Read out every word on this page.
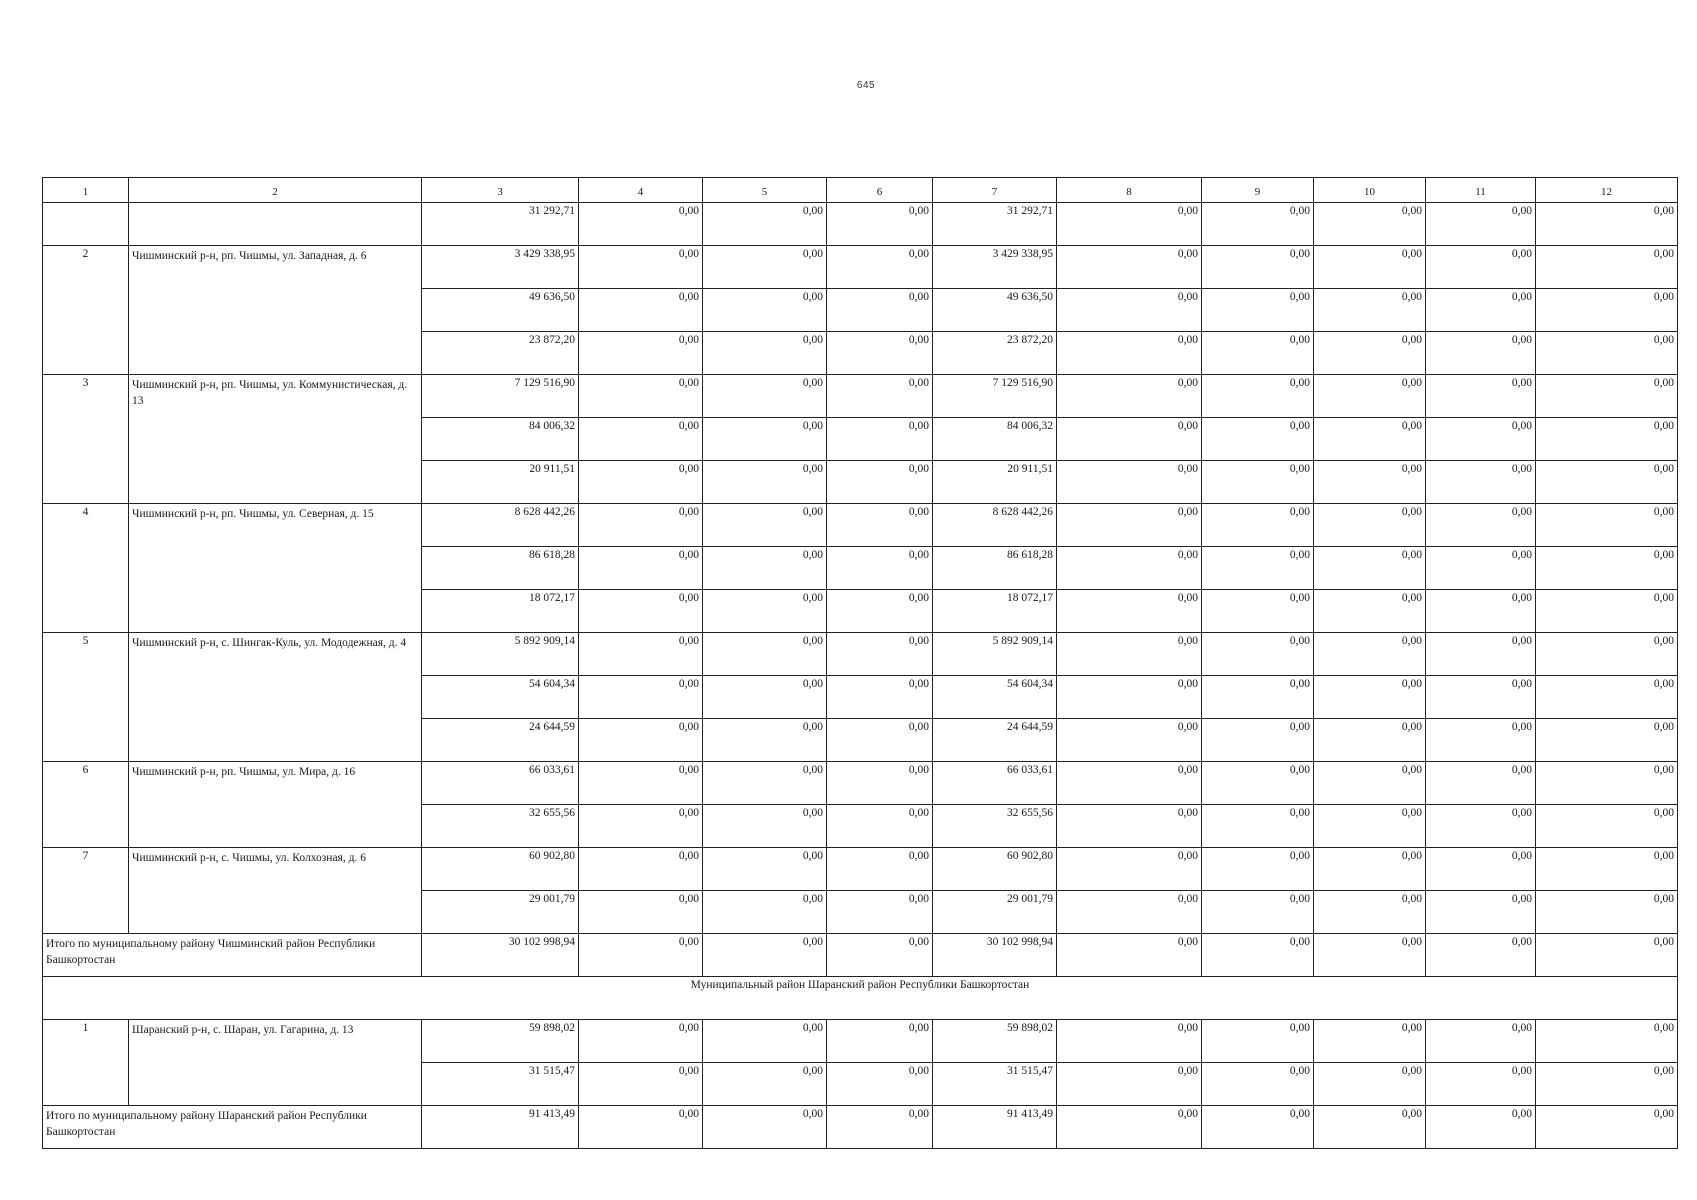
645
1	2	3	4	5	6	7	8	9	10	11	12
		31 292,71	0,00	0,00	0,00	31 292,71	0,00	0,00	0,00	0,00	0,00
2	Чишминский р-н, рп. Чишмы, ул. Западная, д. 6	3 429 338,95	0,00	0,00	0,00	3 429 338,95	0,00	0,00	0,00	0,00	0,00
		49 636,50	0,00	0,00	0,00	49 636,50	0,00	0,00	0,00	0,00	0,00
		23 872,20	0,00	0,00	0,00	23 872,20	0,00	0,00	0,00	0,00	0,00
3	Чишминский р-н, рп. Чишмы, ул. Коммунистическая, д. 13	7 129 516,90	0,00	0,00	0,00	7 129 516,90	0,00	0,00	0,00	0,00	0,00
		84 006,32	0,00	0,00	0,00	84 006,32	0,00	0,00	0,00	0,00	0,00
		20 911,51	0,00	0,00	0,00	20 911,51	0,00	0,00	0,00	0,00	0,00
4	Чишминский р-н, рп. Чишмы, ул. Северная, д. 15	8 628 442,26	0,00	0,00	0,00	8 628 442,26	0,00	0,00	0,00	0,00	0,00
		86 618,28	0,00	0,00	0,00	86 618,28	0,00	0,00	0,00	0,00	0,00
		18 072,17	0,00	0,00	0,00	18 072,17	0,00	0,00	0,00	0,00	0,00
5	Чишминский р-н, с. Шингак-Куль, ул. Мододежная, д. 4	5 892 909,14	0,00	0,00	0,00	5 892 909,14	0,00	0,00	0,00	0,00	0,00
		54 604,34	0,00	0,00	0,00	54 604,34	0,00	0,00	0,00	0,00	0,00
		24 644,59	0,00	0,00	0,00	24 644,59	0,00	0,00	0,00	0,00	0,00
6	Чишминский р-н, рп. Чишмы, ул. Мира, д. 16	66 033,61	0,00	0,00	0,00	66 033,61	0,00	0,00	0,00	0,00	0,00
		32 655,56	0,00	0,00	0,00	32 655,56	0,00	0,00	0,00	0,00	0,00
7	Чишминский р-н, с. Чишмы, ул. Колхозная, д. 6	60 902,80	0,00	0,00	0,00	60 902,80	0,00	0,00	0,00	0,00	0,00
		29 001,79	0,00	0,00	0,00	29 001,79	0,00	0,00	0,00	0,00	0,00
Итого по муниципальному району Чишминский район Республики Башкортостан		30 102 998,94	0,00	0,00	0,00	30 102 998,94	0,00	0,00	0,00	0,00	0,00
Муниципальный район Шаранский район Республики Башкортостан											
1	Шаранский р-н, с. Шаран, ул. Гагарина, д. 13	59 898,02	0,00	0,00	0,00	59 898,02	0,00	0,00	0,00	0,00	0,00
		31 515,47	0,00	0,00	0,00	31 515,47	0,00	0,00	0,00	0,00	0,00
Итого по муниципальному району Шаранский район Республики Башкортостан		91 413,49	0,00	0,00	0,00	91 413,49	0,00	0,00	0,00	0,00	0,00
